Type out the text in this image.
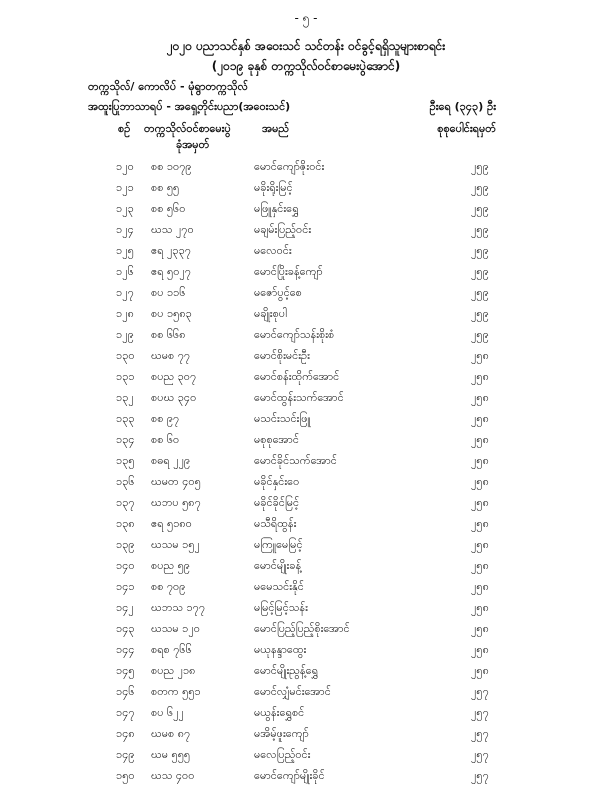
- ၅ -
၂၀၂၀ ပညာသင်နှစ် အဝေးသင် သင်တန်း ဝင်ခွင့်ရရှိသူများစာရင်း
(၂၀၁၉ ခုနှစ် တက္ကသိုလ်ဝင်စာမေးပွဲအောင်)
တက္ကသိုလ်/ ကောလိပ် - မုံရွာတက္ကသိုလ်
အထူးပြုဘာသာရပ် - အရှေ့တိုင်းပညာ(အဝေးသင်)	ဦးရေ (၃၄၃) ဦး
စဉ် တက္ကသိုလ်ဝင်စာမေးပွဲ
ခုံအမှတ်
အမည်	စုစုပေါင်းရမှတ်
၁၂၀ စစ ၁၀၇၉	မောင်ကျော်ဇိုးဝင်း	၂၅၉
၁၂၁ စစ ၅၅	မခိုးရိုးမြင့်	၂၅၉
၁၂၃ စစ ၅၆၀	မဖြူနှင်းရွှေ	၂၅၉
၁၂၄ ဃသ ၂၇၀	မချမ်းပြည့်ဝင်း	၂၅၉
၁၂၅ ဧရ ၂၃၃၇	မလေဝင်း	၂၅၉
၁၂၆ ဧရ ၅၀၂၇	မောင်ပြိုးခန့်ကျော်	၂၅၉
၁၂၇ စပ ၁၁၆	မဇော်ပွင့်စေ	၂၅၉
၁၂၈ စပ ၁၅၈၃	မချိုးစုပါ	၂၅၉
၁၂၉ စစ ၆၆၈	မောင်ကျော်သန်းစိုးစံ	၂၅၉
၁၃၀ ဃမစ ၇၇	မောင်စိုးမင်းဦး	၂၅၈
၁၃၁ စပည ၃၀၇	မောင်စန်းထိုက်အောင်	၂၅၈
၁၃၂ စပဃ ၃၄၀	မောင်ထွန်းသက်အောင်	၂၅၈
၁၃၃ စစ ၉၇	မသင်းသင်းဖြူ	၂၅၈
၁၃၄ စစ ၆၀	မစုစုအောင်	၂၅၈
၁၃၅ စဓရ ၂၂၉	မောင်ခိုင်သက်အောင်	၂၅၈
၁၃၆ ဃမတ ၄၀၅	မခိုင်နှင်းဝေ	၂၅၈
၁၃၇ ဃဘပ ၅၈၇	မခိုင်ခိုင်မြင့်	၂၅၈
၁၃၈ ဧရ ၅၁၈၀	မသီရိထွန်း	၂၅၈
၁၃၉ ဃသမ ၁၅၂	မကြူမေမြင့်	၂၅၈
၁၄၀ စပည ၅၉	မောင်မျိုးခန့်	၂၅၈
၁၄၁ စစ ၇၀၉	မမေသင်းနိုင်	၂၅၈
၁၄၂ ဃဘသ ၁၇၇	မမြင့်မြင့်သန်း	၂၅၈
၁၄၃ ဃသမ ၁၂၀	မောင်ပြည့်ပြည့်စိုးအောင်	၂၅၈
၁၄၄ စရစ ၇၆၆	မယုနန္ဒာထွေး	၂၅၈
၁၄၅ စပည ၂၁၈	မောင်မျိုးညွန့်ရွှေ	၂၅၈
၁၄၆ စတက ၅၅၁	မောင်လျှံမင်းအောင်	၂၅၇
၁၄၇ စပ ၆၂၂	မယွန်းရွှေစင်	၂၅၇
၁၄၈ ဃမစ ၈၇	မအိမ့်ဖူးကျော်	၂၅၇
၁၄၉ ဃမ ၅၅၅	မလေပြည့်ဝင်း	၂၅၇
၁၅၀ ဃသ ၄၀၀	မောင်ကျော်မျိုးခိုင်	၂၅၇
